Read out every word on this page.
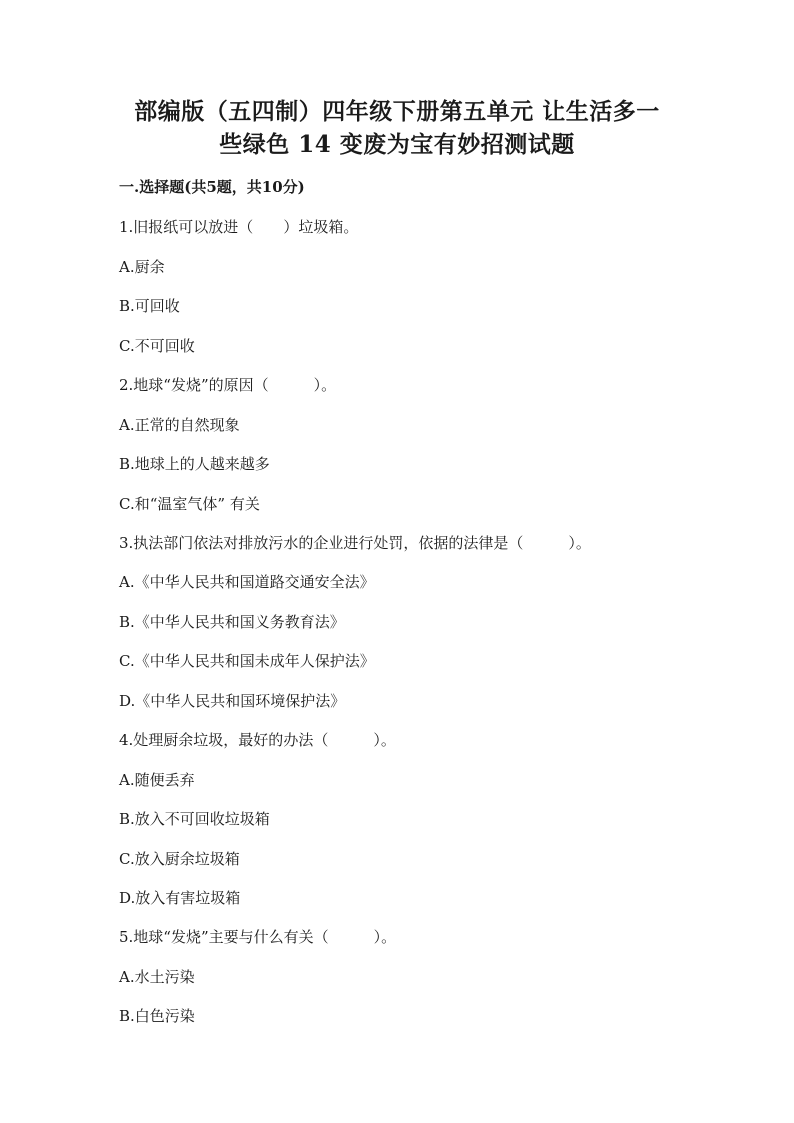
部编版（五四制）四年级下册第五单元 让生活多一
些绿色 14 变废为宝有妙招测试题
一.选择题(共5题，共10分)
1.旧报纸可以放进（　　）垃圾箱。
A.厨余
B.可回收
C.不可回收
2.地球“发烧”的原因（　　　）。
A.正常的自然现象
B.地球上的人越来越多
C.和“温室气体” 有关
3.执法部门依法对排放污水的企业进行处罚，依据的法律是（　　　）。
A.《中华人民共和国道路交通安全法》
B.《中华人民共和国义务教育法》
C.《中华人民共和国未成年人保护法》
D.《中华人民共和国环境保护法》
4.处理厨余垃圾，最好的办法（　　　）。
A.随便丢弃
B.放入不可回收垃圾箱
C.放入厨余垃圾箱
D.放入有害垃圾箱
5.地球“发烧”主要与什么有关（　　　）。
A.水土污染
B.白色污染
